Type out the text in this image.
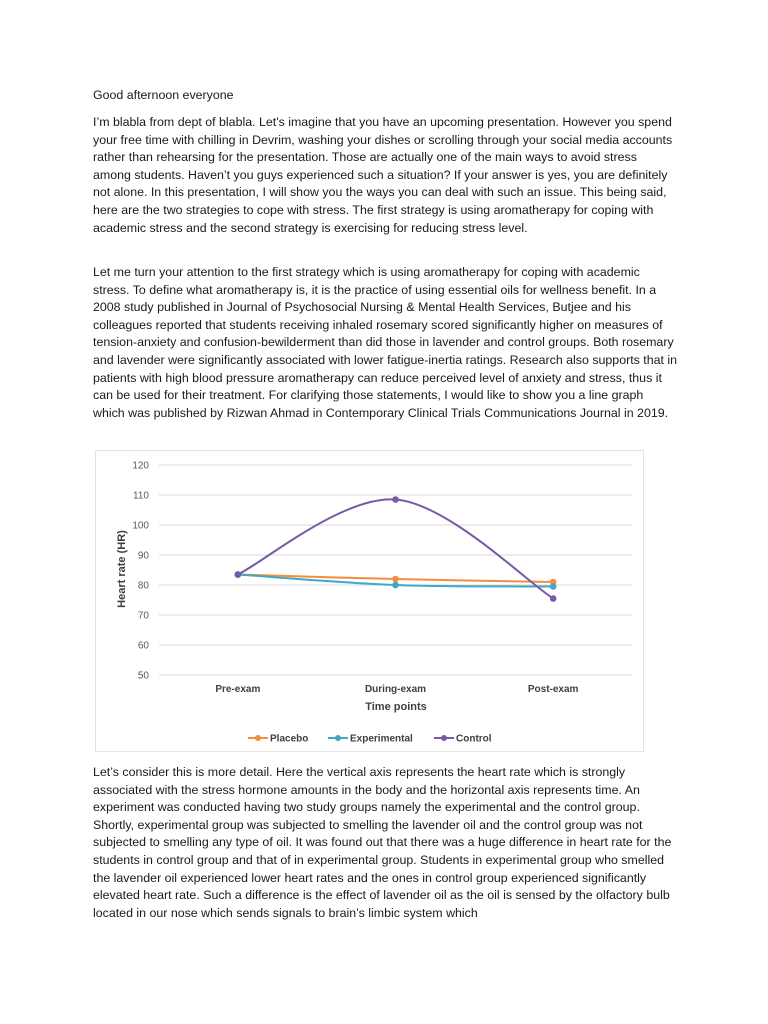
Good afternoon everyone

I’m blabla from dept of blabla. Let's imagine that you have an upcoming presentation. However you spend your free time with chilling in Devrim, washing your dishes or scrolling through your social media accounts rather than rehearsing for the presentation. Those are actually one of the main ways to avoid stress among students. Haven’t you guys experienced such a situation? If your answer is yes, you are definitely not alone. In this presentation, I will show you the ways you can deal with such an issue. This being said, here are the two strategies to cope with stress. The first strategy is using aromatherapy for coping with academic stress and the second strategy is exercising for reducing stress level.

Let me turn your attention to the first strategy which is using aromatherapy for coping with academic stress. To define what aromatherapy is, it is the practice of using essential oils for wellness benefit. In a 2008 study published in Journal of Psychosocial Nursing & Mental Health Services, Butjee and his colleagues reported that students receiving inhaled rosemary scored significantly higher on measures of tension-anxiety and confusion-bewilderment than did those in lavender and control groups. Both rosemary and lavender were significantly associated with lower fatigue-inertia ratings. Research also supports that in patients with high blood pressure aromatherapy can reduce perceived level of anxiety and stress, thus it can be used for their treatment. For clarifying those statements, I would like to show you a line graph which was published by Rizwan Ahmad in Contemporary Clinical Trials Communications Journal in 2019.

50
60
70
80
90
100
110
120
Pre-exam	During-exam	Post-exam
Heart rate (HR)
Time points
Placebo	Experimental	Control

Let’s consider this is more detail. Here the vertical axis represents the heart rate which is strongly associated with the stress hormone amounts in the body and the horizontal axis represents time. An experiment was conducted having two study groups namely the experimental and the control group. Shortly, experimental group was subjected to smelling the lavender oil and the control group was not subjected to smelling any type of oil. It was found out that there was a huge difference in heart rate for the students in control group and that of in experimental group. Students in experimental group who smelled the lavender oil experienced lower heart rates and the ones in control group experienced significantly elevated heart rate. Such a difference is the effect of lavender oil as the oil is sensed by the olfactory bulb located in our nose which sends signals to brain’s limbic system which
